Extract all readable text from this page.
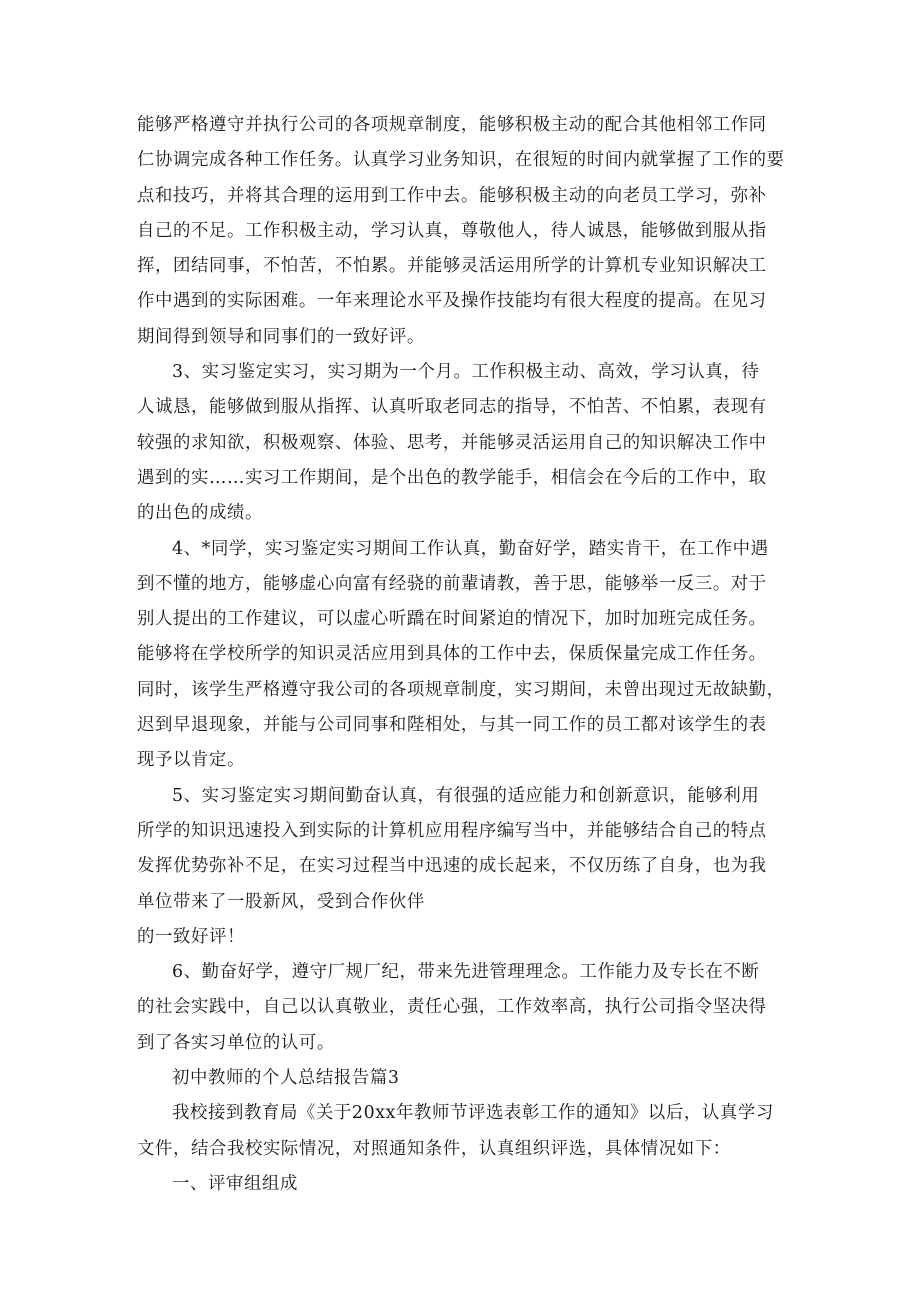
能够严格遵守并执行公司的各项规章制度，能够积极主动的配合其他相邻工作同
仁协调完成各种工作任务。认真学习业务知识，在很短的时间内就掌握了工作的要
点和技巧，并将其合理的运用到工作中去。能够积极主动的向老员工学习，弥补
自己的不足。工作积极主动，学习认真，尊敬他人，待人诚恳，能够做到服从指
挥，团结同事，不怕苦，不怕累。并能够灵活运用所学的计算机专业知识解决工
作中遇到的实际困难。一年来理论水平及操作技能均有很大程度的提高。在见习
期间得到领导和同事们的一致好评。
3、实习鉴定实习，实习期为一个月。工作积极主动、高效，学习认真，待
人诚恳，能够做到服从指挥、认真听取老同志的指导，不怕苦、不怕累，表现有
较强的求知欲，积极观察、体验、思考，并能够灵活运用自己的知识解决工作中
遇到的实……实习工作期间，是个出色的教学能手，相信会在今后的工作中，取
的出色的成绩。
4、*同学，实习鉴定实习期间工作认真，勤奋好学，踏实肯干，在工作中遇
到不懂的地方，能够虚心向富有经骁的前輩请教，善于思，能够举一反三。对于
别人提出的工作建议，可以虚心听蹻在时间紧迫的情况下，加时加班完成任务。
能够将在学校所学的知识灵活应用到具体的工作中去，保质保量完成工作任务。
同时，该学生严格遵守我公司的各项规章制度，实习期间，未曾出现过无故缺勤，
迟到早退现象，并能与公司同事和陛相处，与其一同工作的员工都对该学生的表
现予以肯定。
5、实习鉴定实习期间勤奋认真，有很强的适应能力和创新意识，能够利用
所学的知识迅速投入到实际的计算机应用程序编写当中，并能够结合自己的特点
发挥优势弥补不足，在实习过程当中迅速的成长起来，不仅历练了自身，也为我
单位带来了一股新风，受到合作伙伴
的一致好评！
6、勤奋好学，遵守厂规厂纪，带来先进管理理念。工作能力及专长在不断
的社会实践中，自己以认真敬业，责任心强，工作效率高，执行公司指令坚决得
到了各实习单位的认可。
初中教师的个人总结报告篇3
我校接到教育局《关于20xx年教师节评选表彰工作的通知》以后，认真学习
文件，结合我校实际情况，对照通知条件，认真组织评选，具体情况如下：
一、评审组组成
